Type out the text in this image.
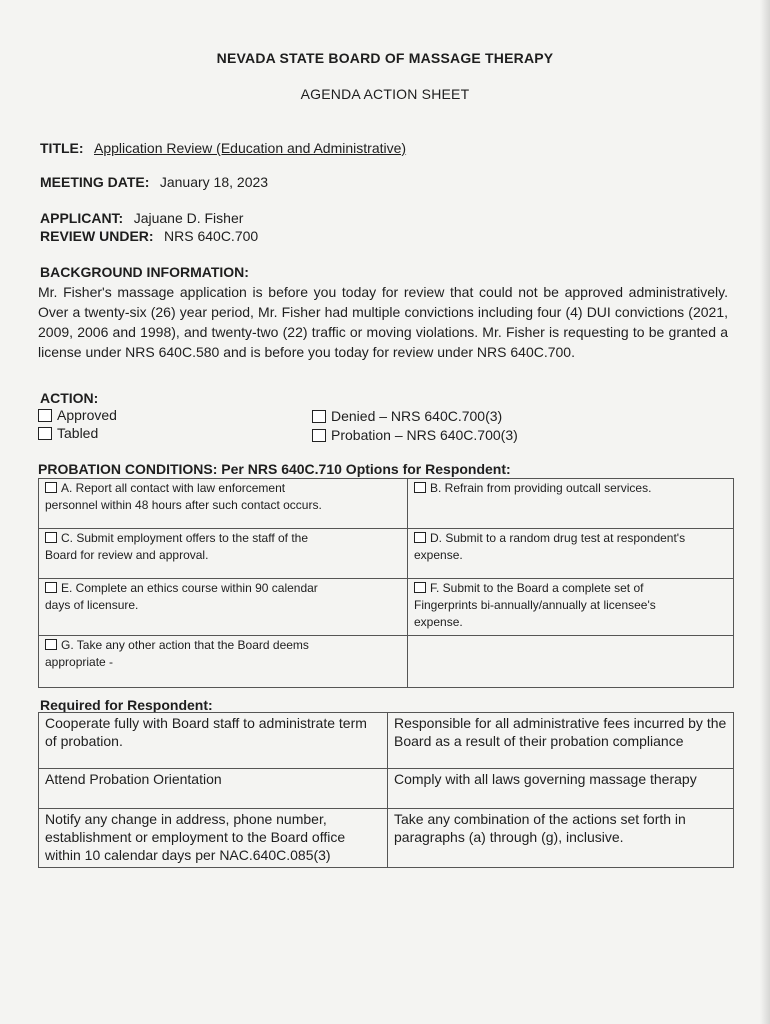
NEVADA STATE BOARD OF MASSAGE THERAPY
AGENDA ACTION SHEET
TITLE: Application Review (Education and Administrative)
MEETING DATE: January 18, 2023
APPLICANT: Jajuane D. Fisher
REVIEW UNDER: NRS 640C.700
BACKGROUND INFORMATION:
Mr. Fisher's massage application is before you today for review that could not be approved administratively. Over a twenty-six (26) year period, Mr. Fisher had multiple convictions including four (4) DUI convictions (2021, 2009, 2006 and 1998), and twenty-two (22) traffic or moving violations. Mr. Fisher is requesting to be granted a license under NRS 640C.580 and is before you today for review under NRS 640C.700.
ACTION:
Approved
Tabled
Denied – NRS 640C.700(3)
Probation – NRS 640C.700(3)
PROBATION CONDITIONS: Per NRS 640C.710 Options for Respondent:
A. Report all contact with law enforcement
personnel within 48 hours after such contact occurs.	B. Refrain from providing outcall services.
C. Submit employment offers to the staff of the
Board for review and approval.	D. Submit to a random drug test at respondent's
expense.
E. Complete an ethics course within 90 calendar
days of licensure.	F. Submit to the Board a complete set of
Fingerprints bi-annually/annually at licensee's
expense.
G. Take any other action that the Board deems
appropriate -	
Required for Respondent:
Cooperate fully with Board staff to administrate term of probation.	Responsible for all administrative fees incurred by the Board as a result of their probation compliance
Attend Probation Orientation	Comply with all laws governing massage therapy
Notify any change in address, phone number, establishment or employment to the Board office within 10 calendar days per NAC.640C.085(3)	Take any combination of the actions set forth in paragraphs (a) through (g), inclusive.
